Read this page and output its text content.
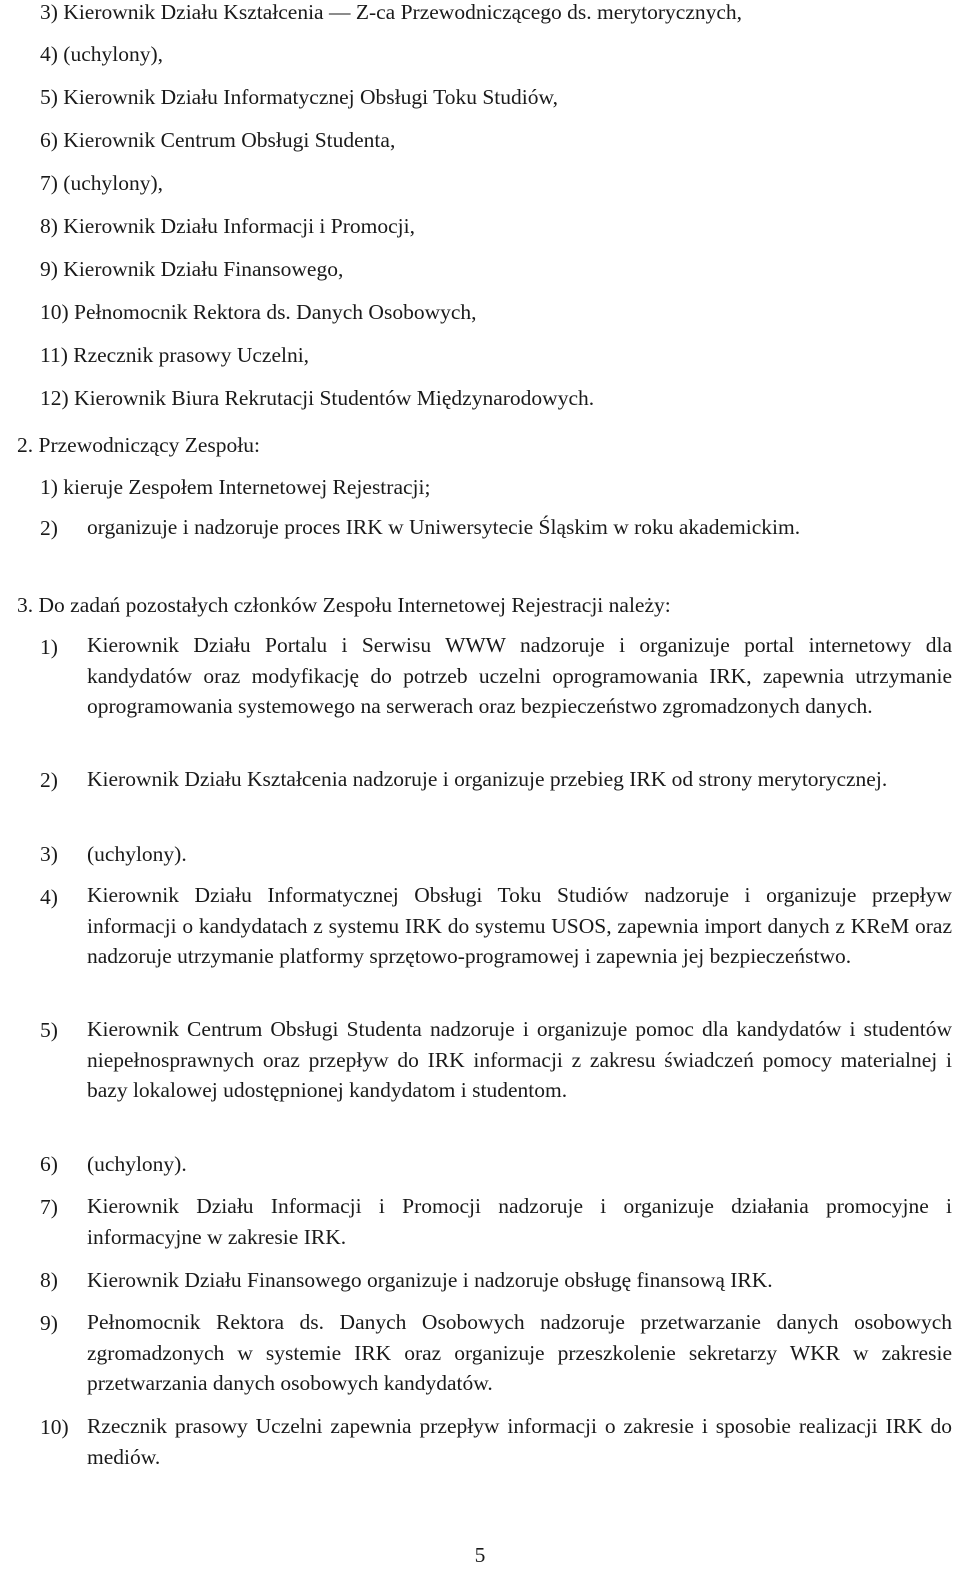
3) Kierownik Działu Kształcenia — Z-ca Przewodniczącego ds. merytorycznych,
4) (uchylony),
5) Kierownik Działu Informatycznej Obsługi Toku Studiów,
6) Kierownik Centrum Obsługi Studenta,
7) (uchylony),
8) Kierownik Działu Informacji i Promocji,
9) Kierownik Działu Finansowego,
10) Pełnomocnik Rektora ds. Danych Osobowych,
11) Rzecznik prasowy Uczelni,
12) Kierownik Biura Rekrutacji Studentów Międzynarodowych.
2. Przewodniczący Zespołu:
1) kieruje Zespołem Internetowej Rejestracji;
2) organizuje i nadzoruje proces IRK w Uniwersytecie Śląskim w roku akademickim.
3. Do zadań pozostałych członków Zespołu Internetowej Rejestracji należy:
1) Kierownik Działu Portalu i Serwisu WWW nadzoruje i organizuje portal internetowy dla kandydatów oraz modyfikację do potrzeb uczelni oprogramowania IRK, zapewnia utrzymanie oprogramowania systemowego na serwerach oraz bezpieczeństwo zgromadzonych danych.
2) Kierownik Działu Kształcenia nadzoruje i organizuje przebieg IRK od strony merytorycznej.
3) (uchylony).
4) Kierownik Działu Informatycznej Obsługi Toku Studiów nadzoruje i organizuje przepływ informacji o kandydatach z systemu IRK do systemu USOS, zapewnia import danych z KReM oraz nadzoruje utrzymanie platformy sprzętowo-programowej i zapewnia jej bezpieczeństwo.
5) Kierownik Centrum Obsługi Studenta nadzoruje i organizuje pomoc dla kandydatów i studentów niepełnosprawnych oraz przepływ do IRK informacji z zakresu świadczeń pomocy materialnej i bazy lokalowej udostępnionej kandydatom i studentom.
6) (uchylony).
7) Kierownik Działu Informacji i Promocji nadzoruje i organizuje działania promocyjne i informacyjne w zakresie IRK.
8) Kierownik Działu Finansowego organizuje i nadzoruje obsługę finansową IRK.
9) Pełnomocnik Rektora ds. Danych Osobowych nadzoruje przetwarzanie danych osobowych zgromadzonych w systemie IRK oraz organizuje przeszkolenie sekretarzy WKR w zakresie przetwarzania danych osobowych kandydatów.
10) Rzecznik prasowy Uczelni zapewnia przepływ informacji o zakresie i sposobie realizacji IRK do mediów.
5
